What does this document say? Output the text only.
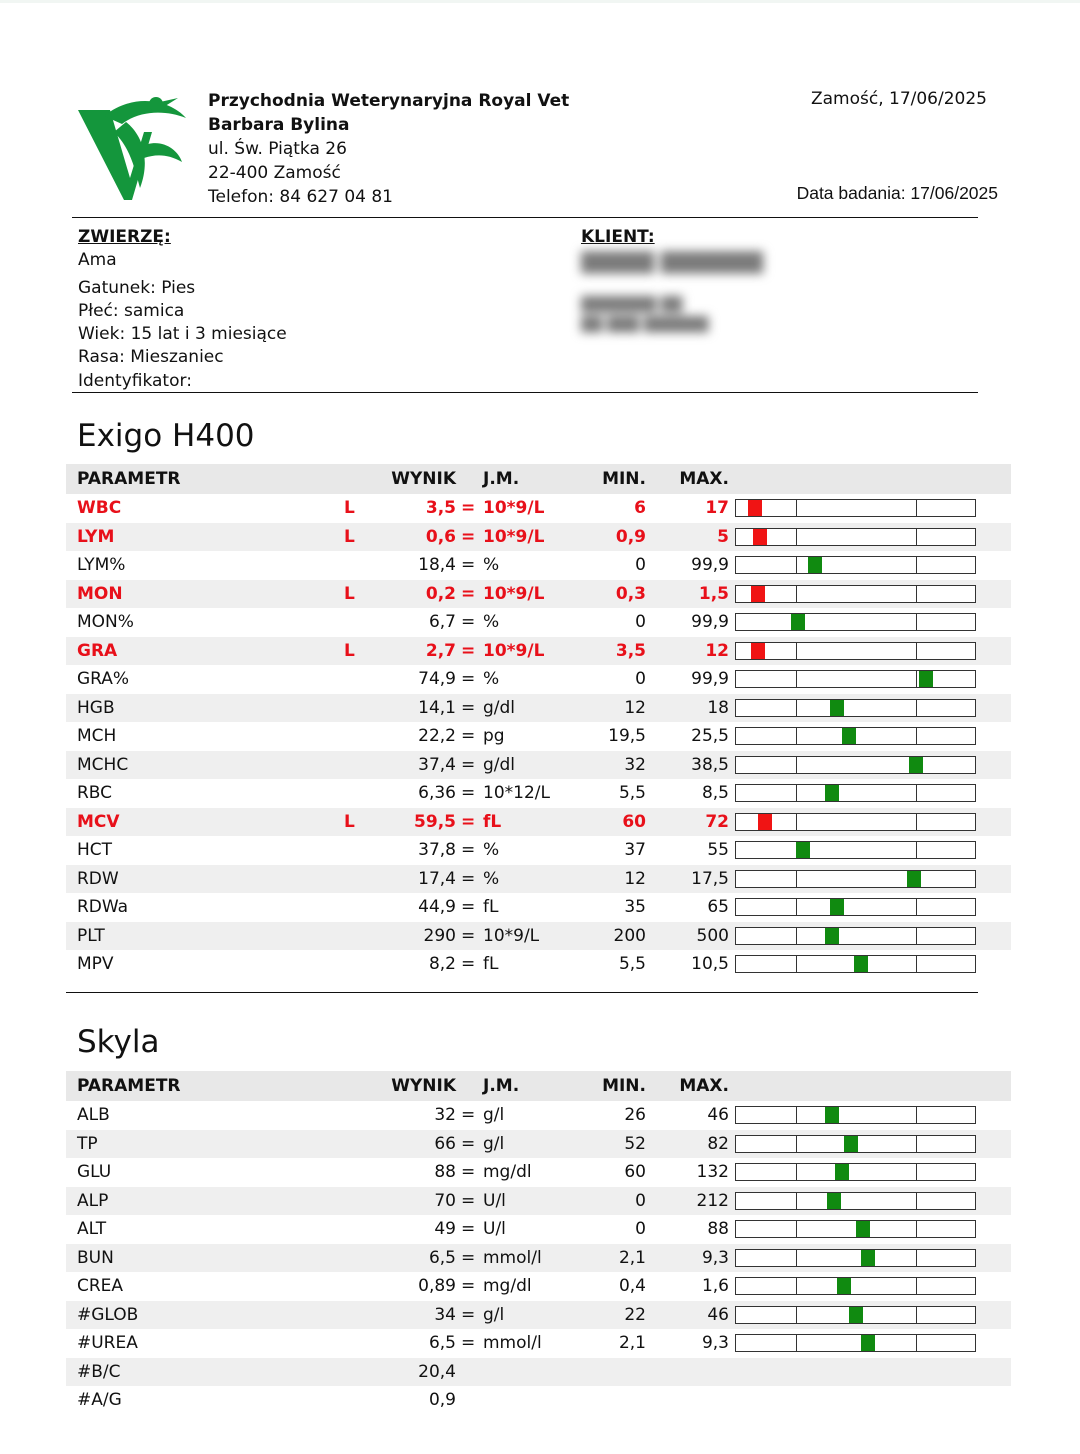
Przychodnia Weterynaryjna Royal Vet
Barbara Bylina
ul. Św. Piątka 26
22-400 Zamość
Telefon: 84 627 04 81
Zamość, 17/06/2025
Data badania: 17/06/2025
ZWIERZĘ:
Ama
Gatunek: Pies
Płeć: samica
Wiek: 15 lat i 3 miesiące
Rasa: Mieszaniec
Identyfikator:
KLIENT:
█████ ███████
███████ ██
██ ███ ██████
Exigo H400
PARAMETR	WYNIK J.M.	MIN. MAX.
WBC	L	3,5 = 10*9/L	6	17
LYM	L	0,6 = 10*9/L	0,9	5
LYM%	18,4 = %	0	99,9
MON	L	0,2 = 10*9/L	0,3	1,5
MON%	6,7 = %	0	99,9
GRA	L	2,7 = 10*9/L	3,5	12
GRA%	74,9 = %	0	99,9
HGB	14,1 = g/dl	12	18
MCH	22,2 = pg	19,5	25,5
MCHC	37,4 = g/dl	32	38,5
RBC	6,36 = 10*12/L	5,5	8,5
MCV	L	59,5 = fL	60	72
HCT	37,8 = %	37	55
RDW	17,4 = %	12	17,5
RDWa	44,9 = fL	35	65
PLT	290 = 10*9/L	200	500
MPV	8,2 = fL	5,5	10,5
Skyla
PARAMETR	WYNIK J.M.	MIN. MAX.
ALB	32 = g/l	26	46
TP	66 = g/l	52	82
GLU	88 = mg/dl	60	132
ALP	70 = U/l	0	212
ALT	49 = U/l	0	88
BUN	6,5 = mmol/l	2,1	9,3
CREA	0,89 = mg/dl	0,4	1,6
#GLOB	34 = g/l	22	46
#UREA	6,5 = mmol/l	2,1	9,3
#B/C	20,4
#A/G	0,9
